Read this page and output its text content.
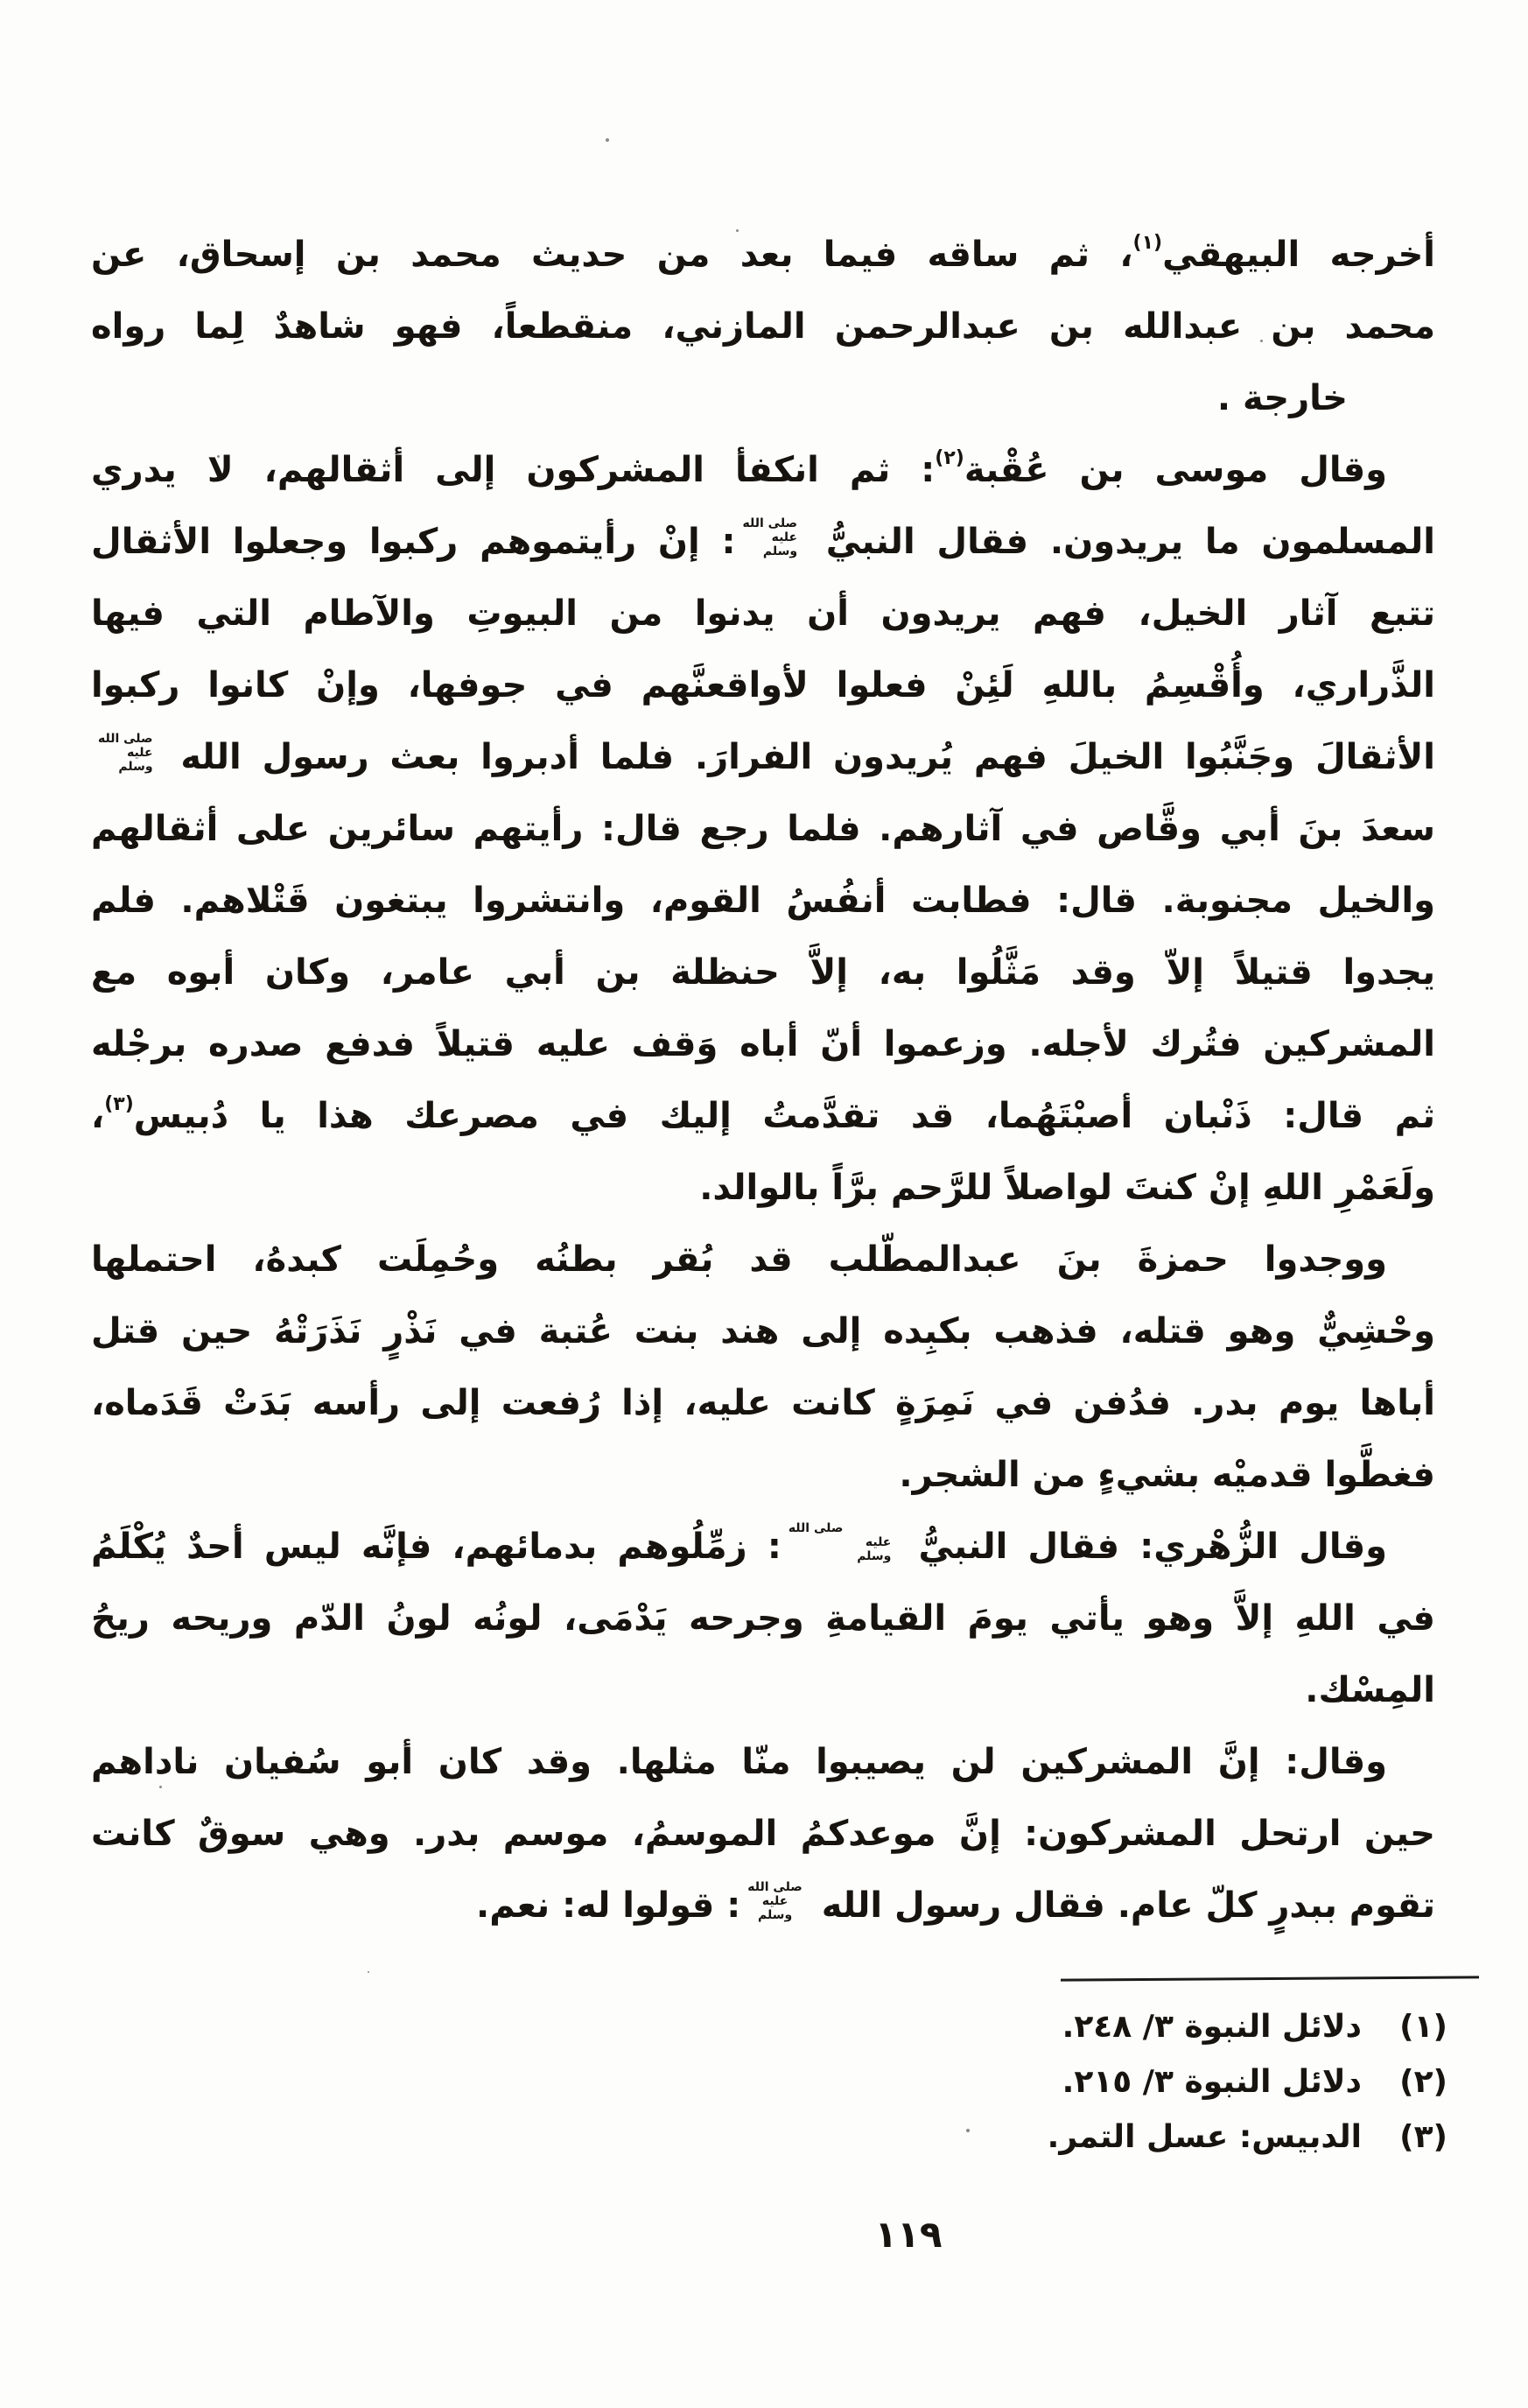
أخرجه البيهقي$^{(١)}$، ثم ساقه فيما بعد من حديث محمد بن إسحاق، عن
محمد بن عبدالله بن عبدالرحمن المازني، منقطعاً، فهو شاهدٌ لِما رواه
خارجة .
وقال موسى بن عُقْبة$^{(٢)}$: ثم انكفأ المشركون إلى أثقالهم، لا يدري
المسلمون ما يريدون. فقال النبيُّ صلى الله
عليه
وسلم: إنْ رأيتموهم ركبوا وجعلوا الأثقال
تتبع آثار الخيل، فهم يريدون أن يدنوا من البيوتِ والآطام التي فيها
الذَّراري، وأُقْسِمُ باللهِ لَئِنْ فعلوا لأواقعنَّهم في جوفها، وإنْ كانوا ركبوا
الأثقالَ وجَنَّبُوا الخيلَ فهم يُريدون الفرارَ. فلما أدبروا بعث رسول الله صلى الله
عليه
وسلم
سعدَ بنَ أبي وقَّاص في آثارهم. فلما رجع قال: رأيتهم سائرين على أثقالهم
والخيل مجنوبة. قال: فطابت أنفُسُ القوم، وانتشروا يبتغون قَتْلاهم. فلم
يجدوا قتيلاً إلاّ وقد مَثَّلُوا به، إلاَّ حنظلة بن أبي عامر، وكان أبوه مع
المشركين فتُرك لأجله. وزعموا أنّ أباه وَقف عليه قتيلاً فدفع صدره برجْله
ثم قال: ذَنْبان أصبْتَهُما، قد تقدَّمتُ إليك في مصرعك هذا يا دُبيس$^{(٣)}$،
ولَعَمْرِ اللهِ إنْ كنتَ لواصلاً للرَّحم برَّاً بالوالد.
ووجدوا حمزةَ بنَ عبدالمطّلب قد بُقر بطنُه وحُمِلَت كبدهُ، احتملها
وحْشِيٌّ وهو قتله، فذهب بكبِده إلى هند بنت عُتبة في نَذْرٍ نَذَرَتْهُ حين قتل
أباها يوم بدر. فدُفن في نَمِرَةٍ كانت عليه، إذا رُفعت إلى رأسه بَدَتْ قَدَماه،
فغطَّوا قدميْه بشيءٍ من الشجر.
وقال الزُّهْري: فقال النبيُّ صلى الله
عليه
وسلم: زمِّلُوهم بدمائهم، فإنَّه ليس أحدٌ يُكْلَمُ
في اللهِ إلاَّ وهو يأتي يومَ القيامةِ وجرحه يَدْمَى، لونُه لونُ الدّم وريحه ريحُ
المِسْك.
وقال: إنَّ المشركين لن يصيبوا منّا مثلها. وقد كان أبو سُفيان ناداهم
حين ارتحل المشركون: إنَّ موعدكمُ الموسمُ، موسم بدر. وهي سوقٌ كانت
تقوم ببدرٍ كلّ عام. فقال رسول الله صلى الله
عليه
وسلم: قولوا له: نعم.
(١)
دلائل النبوة ٣/ ٢٤٨.
(٢)
دلائل النبوة ٣/ ٢١٥.
(٣)
الدبيس: عسل التمر.
١١٩
